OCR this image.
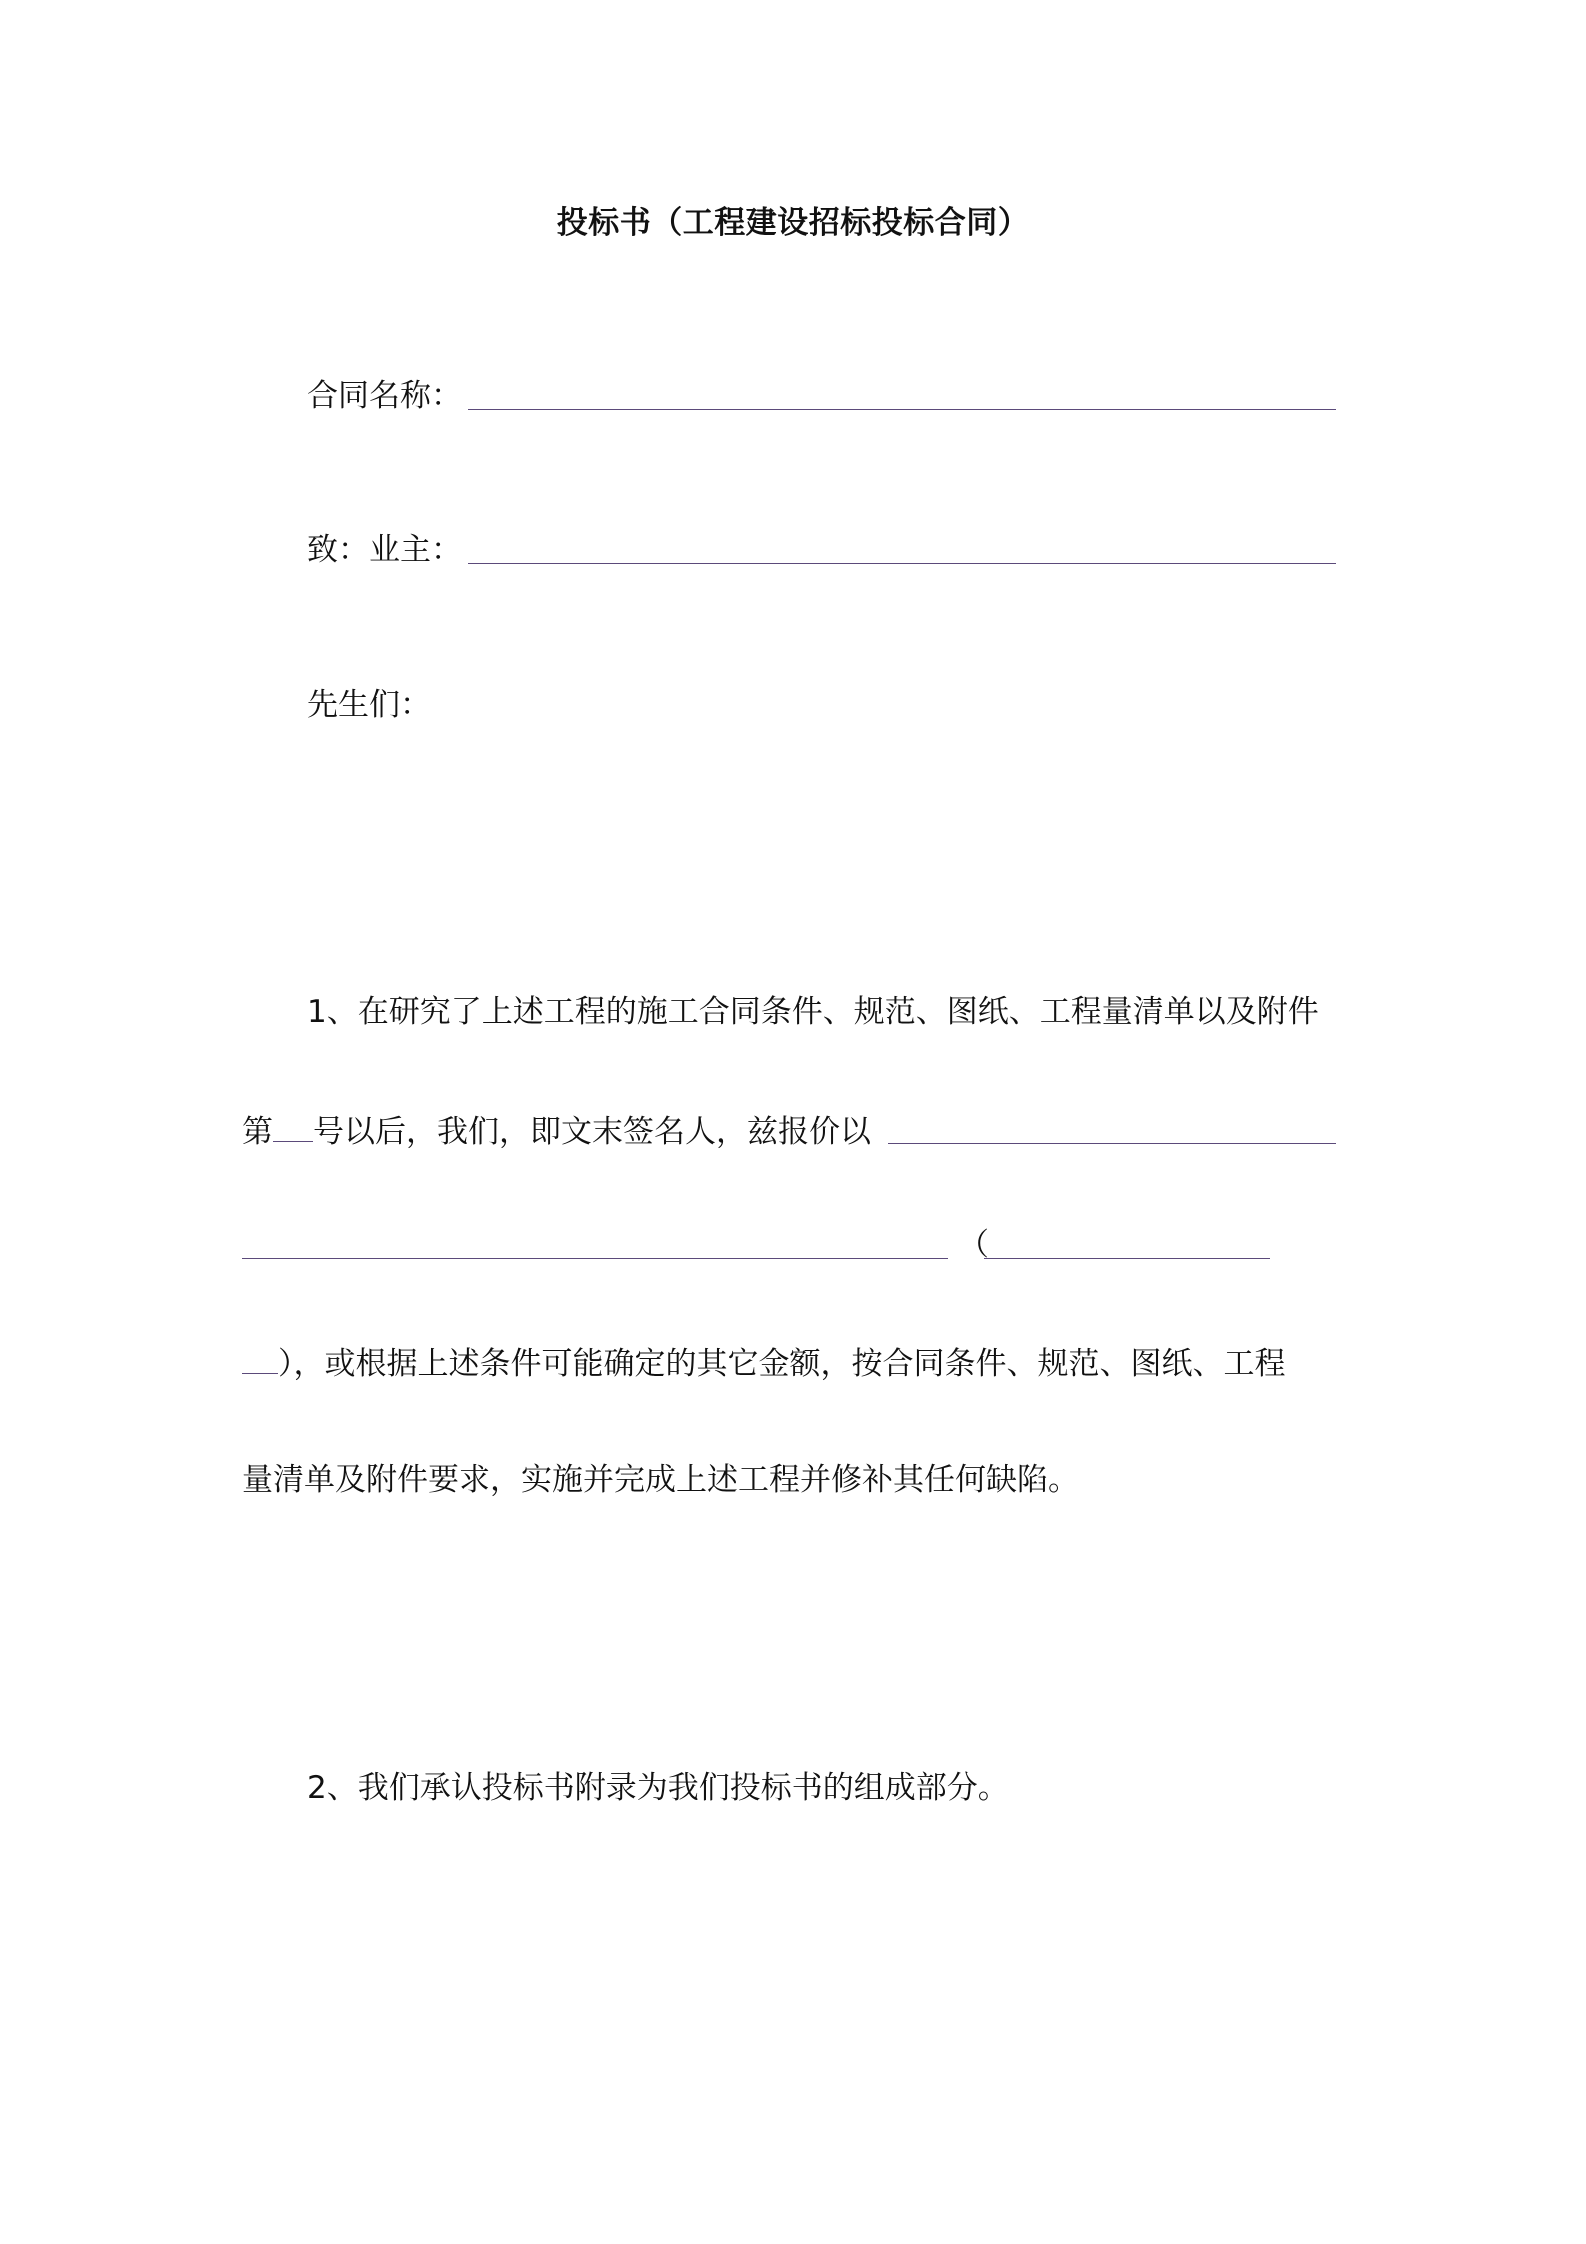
投标书（工程建设招标投标合同）
合同名称：
致：业主：
先生们：
1、在研究了上述工程的施工合同条件、规范、图纸、工程量清单以及附件
第 号以后，我们，即文末签名人，兹报价以
（
），或根据上述条件可能确定的其它金额，按合同条件、规范、图纸、工程
量清单及附件要求，实施并完成上述工程并修补其任何缺陷。
2、我们承认投标书附录为我们投标书的组成部分。
